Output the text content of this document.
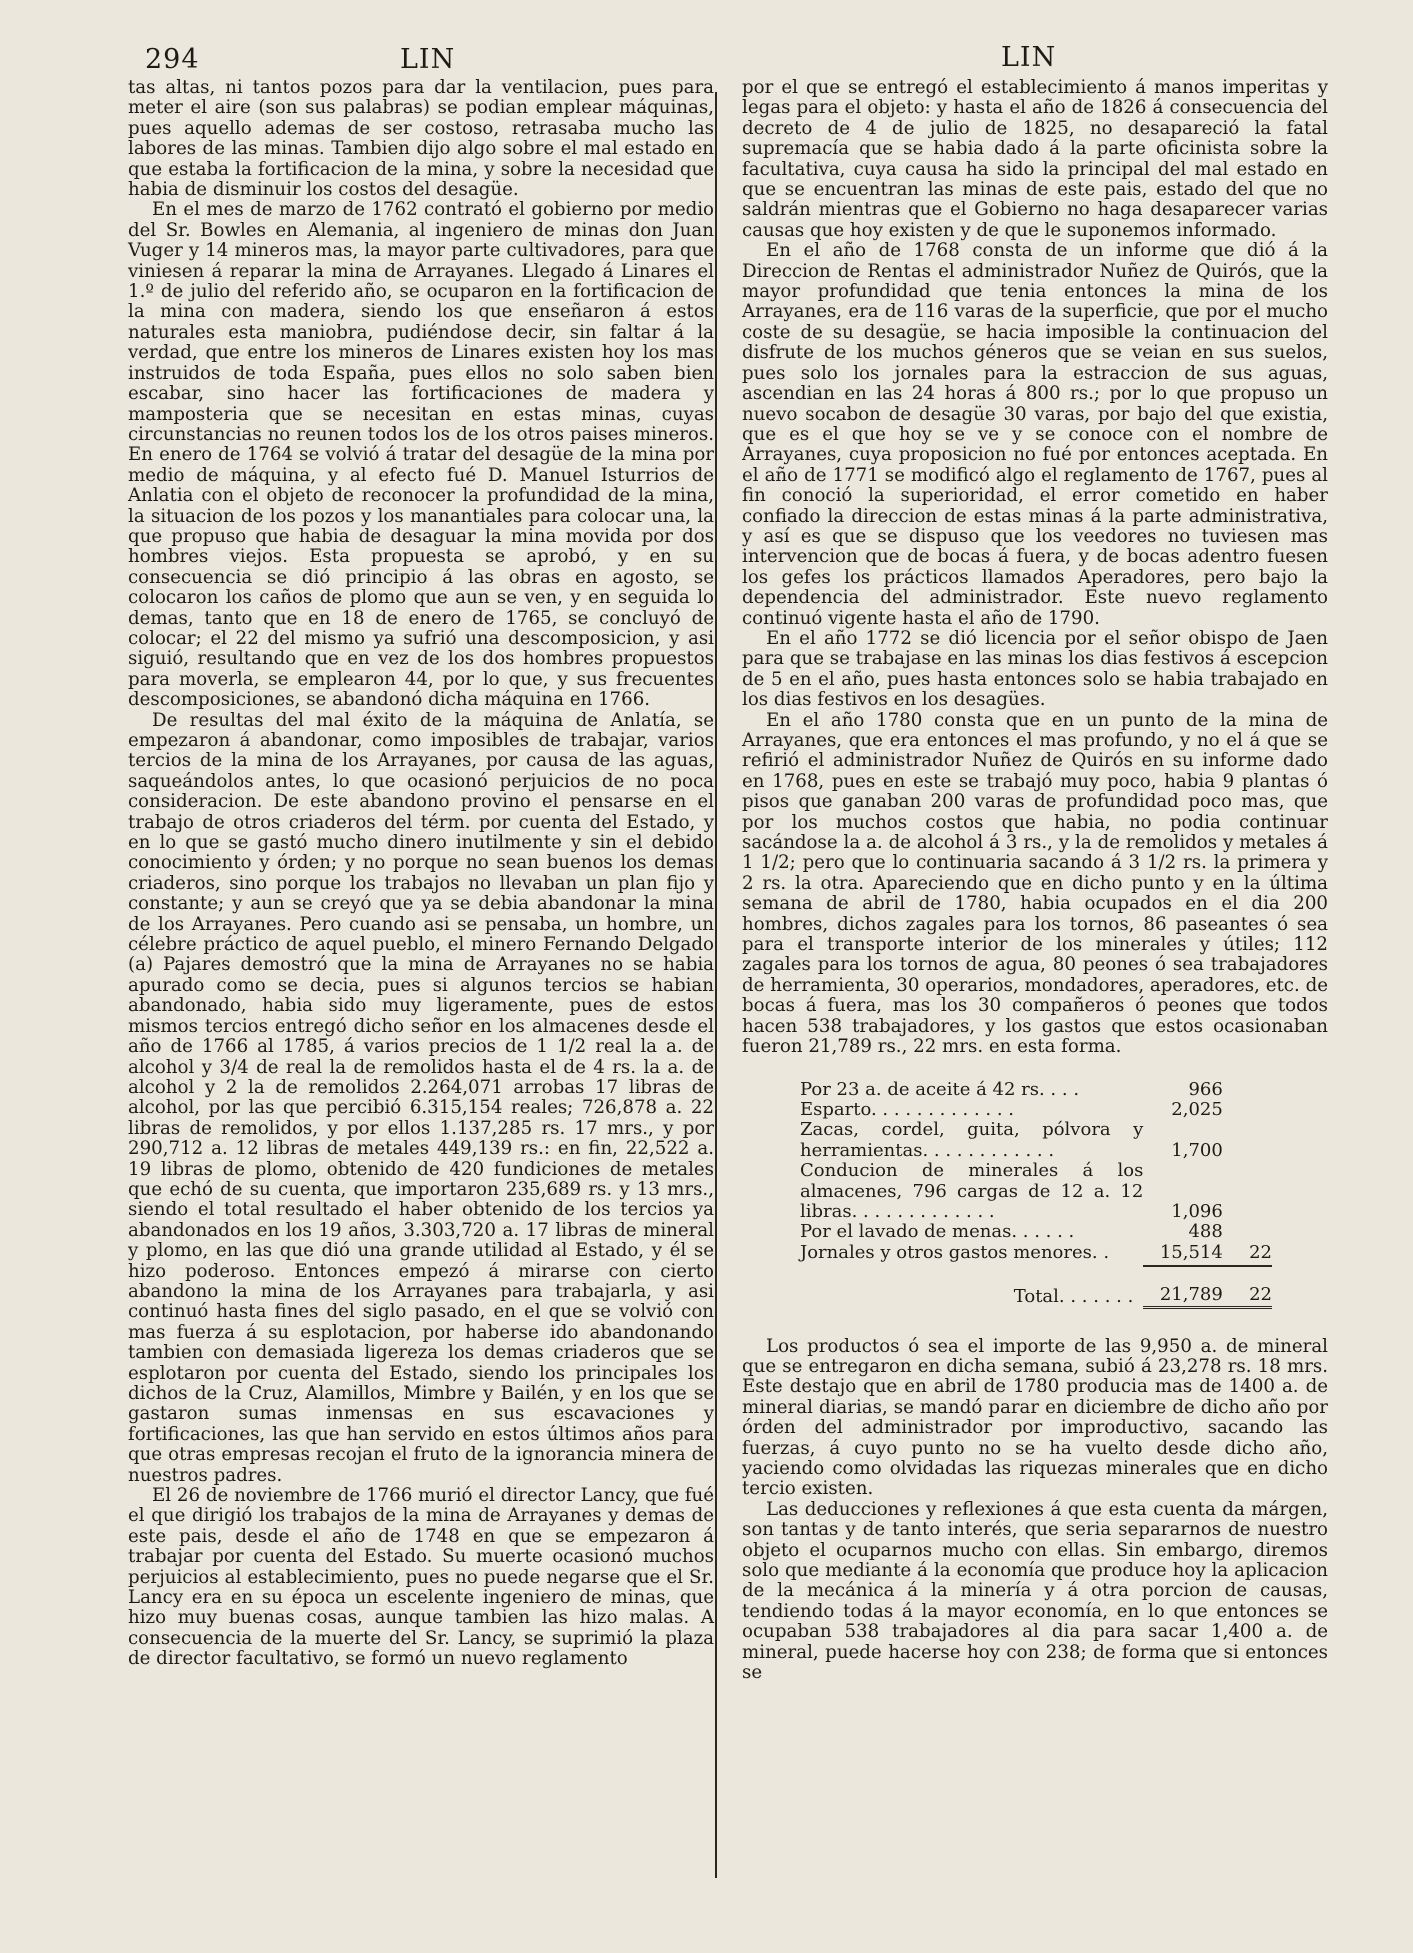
294	LIN	LIN

tas altas, ni tantos pozos para dar la ventilacion, pues para meter el aire (son sus palabras) se podian emplear máquinas, pues aquello ademas de ser costoso, retrasaba mucho las labores de las minas. Tambien dijo algo sobre el mal estado en que estaba la fortificacion de la mina, y sobre la necesidad que habia de disminuir los costos del desagüe.

En el mes de marzo de 1762 contrató el gobierno por medio del Sr. Bowles en Alemania, al ingeniero de minas don Juan Vuger y 14 mineros mas, la mayor parte cultivadores, para que viniesen á reparar la mina de Arrayanes. Llegado á Linares el 1.º de julio del referido año, se ocuparon en la fortificacion de la mina con madera, siendo los que enseñaron á estos naturales esta maniobra, pudiéndose decir, sin faltar á la verdad, que entre los mineros de Linares existen hoy los mas instruidos de toda España, pues ellos no solo saben bien escabar, sino hacer las fortificaciones de madera y mamposteria que se necesitan en estas minas, cuyas circunstancias no reunen todos los de los otros paises mineros. En enero de 1764 se volvió á tratar del desagüe de la mina por medio de máquina, y al efecto fué D. Manuel Isturrios de Anlatia con el objeto de reconocer la profundidad de la mina, la situacion de los pozos y los manantiales para colocar una, la que propuso que habia de desaguar la mina movida por dos hombres viejos. Esta propuesta se aprobó, y en su consecuencia se dió principio á las obras en agosto, se colocaron los caños de plomo que aun se ven, y en seguida lo demas, tanto que en 18 de enero de 1765, se concluyó de colocar; el 22 del mismo ya sufrió una descomposicion, y asi siguió, resultando que en vez de los dos hombres propuestos para moverla, se emplearon 44, por lo que, y sus frecuentes descomposiciones, se abandonó dicha máquina en 1766.

De resultas del mal éxito de la máquina de Anlatía, se empezaron á abandonar, como imposibles de trabajar, varios tercios de la mina de los Arrayanes, por causa de las aguas, saqueándolos antes, lo que ocasionó perjuicios de no poca consideracion. De este abandono provino el pensarse en el trabajo de otros criaderos del térm. por cuenta del Estado, y en lo que se gastó mucho dinero inutilmente y sin el debido conocimiento y órden; y no porque no sean buenos los demas criaderos, sino porque los trabajos no llevaban un plan fijo y constante; y aun se creyó que ya se debia abandonar la mina de los Arrayanes. Pero cuando asi se pensaba, un hombre, un célebre práctico de aquel pueblo, el minero Fernando Delgado (a) Pajares demostró que la mina de Arrayanes no se habia apurado como se decia, pues si algunos tercios se habian abandonado, habia sido muy ligeramente, pues de estos mismos tercios entregó dicho señor en los almacenes desde el año de 1766 al 1785, á varios precios de 1 1/2 real la a. de alcohol y 3/4 de real la de remolidos hasta el de 4 rs. la a. de alcohol y 2 la de remolidos 2.264,071 arrobas 17 libras de alcohol, por las que percibió 6.315,154 reales; 726,878 a. 22 libras de remolidos, y por ellos 1.137,285 rs. 17 mrs., y por 290,712 a. 12 libras de metales 449,139 rs.: en fin, 22,522 a. 19 libras de plomo, obtenido de 420 fundiciones de metales que echó de su cuenta, que importaron 235,689 rs. y 13 mrs., siendo el total resultado el haber obtenido de los tercios ya abandonados en los 19 años, 3.303,720 a. 17 libras de mineral y plomo, en las que dió una grande utilidad al Estado, y él se hizo poderoso. Entonces empezó á mirarse con cierto abandono la mina de los Arrayanes para trabajarla, y asi continuó hasta fines del siglo pasado, en el que se volvió con mas fuerza á su esplotacion, por haberse ido abandonando tambien con demasiada ligereza los demas criaderos que se esplotaron por cuenta del Estado, siendo los principales los dichos de la Cruz, Alamillos, Mimbre y Bailén, y en los que se gastaron sumas inmensas en sus escavaciones y fortificaciones, las que han servido en estos últimos años para que otras empresas recojan el fruto de la ignorancia minera de nuestros padres.

El 26 de noviembre de 1766 murió el director Lancy, que fué el que dirigió los trabajos de la mina de Arrayanes y demas de este pais, desde el año de 1748 en que se empezaron á trabajar por cuenta del Estado. Su muerte ocasionó muchos perjuicios al establecimiento, pues no puede negarse que el Sr. Lancy era en su época un escelente ingeniero de minas, que hizo muy buenas cosas, aunque tambien las hizo malas. A consecuencia de la muerte del Sr. Lancy, se suprimió la plaza de director facultativo, se formó un nuevo reglamento

por el que se entregó el establecimiento á manos imperitas y legas para el objeto: y hasta el año de 1826 á consecuencia del decreto de 4 de julio de 1825, no desapareció la fatal supremacía que se habia dado á la parte oficinista sobre la facultativa, cuya causa ha sido la principal del mal estado en que se encuentran las minas de este pais, estado del que no saldrán mientras que el Gobierno no haga desaparecer varias causas que hoy existen y de que le suponemos informado.

En el año de 1768 consta de un informe que dió á la Direccion de Rentas el administrador Nuñez de Quirós, que la mayor profundidad que tenia entonces la mina de los Arrayanes, era de 116 varas de la superficie, que por el mucho coste de su desagüe, se hacia imposible la continuacion del disfrute de los muchos géneros que se veian en sus suelos, pues solo los jornales para la estraccion de sus aguas, ascendian en las 24 horas á 800 rs.; por lo que propuso un nuevo socabon de desagüe 30 varas, por bajo del que existia, que es el que hoy se ve y se conoce con el nombre de Arrayanes, cuya proposicion no fué por entonces aceptada. En el año de 1771 se modificó algo el reglamento de 1767, pues al fin conoció la superioridad, el error cometido en haber confiado la direccion de estas minas á la parte administrativa, y así es que se dispuso que los veedores no tuviesen mas intervencion que de bocas á fuera, y de bocas adentro fuesen los gefes los prácticos llamados Aperadores, pero bajo la dependencia del administrador. Este nuevo reglamento continuó vigente hasta el año de 1790.

En el año 1772 se dió licencia por el señor obispo de Jaen para que se trabajase en las minas los dias festivos á escepcion de 5 en el año, pues hasta entonces solo se habia trabajado en los dias festivos en los desagües.

En el año 1780 consta que en un punto de la mina de Arrayanes, que era entonces el mas profundo, y no el á que se refirió el administrador Nuñez de Quirós en su informe dado en 1768, pues en este se trabajó muy poco, habia 9 plantas ó pisos que ganaban 200 varas de profundidad poco mas, que por los muchos costos que habia, no podia continuar sacándose la a. de alcohol á 3 rs., y la de remolidos y metales á 1 1/2; pero que lo continuaria sacando á 3 1/2 rs. la primera y 2 rs. la otra. Apareciendo que en dicho punto y en la última semana de abril de 1780, habia ocupados en el dia 200 hombres, dichos zagales para los tornos, 86 paseantes ó sea para el transporte interior de los minerales y útiles; 112 zagales para los tornos de agua, 80 peones ó sea trabajadores de herramienta, 30 operarios, mondadores, aperadores, etc. de bocas á fuera, mas los 30 compañeros ó peones que todos hacen 538 trabajadores, y los gastos que estos ocasionaban fueron 21,789 rs., 22 mrs. en esta forma.

Por 23 a. de aceite á 42 rs. . . .	966	
Esparto. . . . . . . . . . . . .	2,025	
Zacas, cordel, guita, pólvora y herramientas. . . . . . . . . . . .	1,700	
Conducion de minerales á los almacenes, 796 cargas de 12 a. 12 libras. . . . . . . . . . . . .	1,096	
Por el lavado de menas. . . . . .	488	
Jornales y otros gastos menores. .	15,514	22

Total. . . . . . .	21,789	22

Los productos ó sea el importe de las 9,950 a. de mineral que se entregaron en dicha semana, subió á 23,278 rs. 18 mrs. Este destajo que en abril de 1780 producia mas de 1400 a. de mineral diarias, se mandó parar en diciembre de dicho año por órden del administrador por improductivo, sacando las fuerzas, á cuyo punto no se ha vuelto desde dicho año, yaciendo como olvidadas las riquezas minerales que en dicho tercio existen.

Las deducciones y reflexiones á que esta cuenta da márgen, son tantas y de tanto interés, que seria separarnos de nuestro objeto el ocuparnos mucho con ellas. Sin embargo, diremos solo que mediante á la economía que produce hoy la aplicacion de la mecánica á la minería y á otra porcion de causas, tendiendo todas á la mayor economía, en lo que entonces se ocupaban 538 trabajadores al dia para sacar 1,400 a. de mineral, puede hacerse hoy con 238; de forma que si entonces se
